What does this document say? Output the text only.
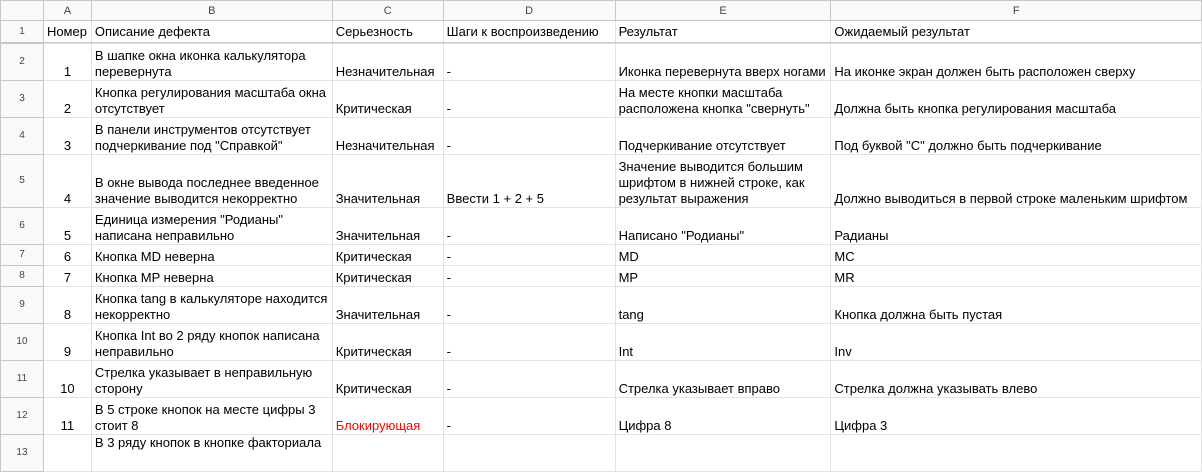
	A	B	C	D	E	F
1	Номер	Описание дефекта	Серьезность	Шаги к воспроизведению	Результат	Ожидаемый результат
2	1	В шапке окна иконка калькулятора перевернута	Незначительная	-	Иконка перевернута вверх ногами	На иконке экран должен быть расположен сверху
3	2	Кнопка регулирования масштаба окна отсутствует	Критическая	-	На месте кнопки масштаба расположена кнопка "свернуть"	Должна быть кнопка регулирования масштаба
4	3	В панели инструментов отсутствует подчеркивание под "Справкой"	Незначительная	-	Подчеркивание отсутствует	Под буквой "С" должно быть подчеркивание
5	4	В окне вывода последнее введенное значение выводится некорректно	Значительная	Ввести 1 + 2 + 5	Значение выводится большим шрифтом в нижней строке, как результат выражения	Должно выводиться в первой строке маленьким шрифтом
6	5	Единица измерения "Родианы" написана неправильно	Значительная	-	Написано "Родианы"	Радианы
7	6	Кнопка MD неверна	Критическая	-	MD	MC
8	7	Кнопка MP неверна	Критическая	-	MP	MR
9	8	Кнопка tang в калькуляторе находится некорректно	Значительная	-	tang	Кнопка должна быть пустая
10	9	Кнопка Int во 2 ряду кнопок написана неправильно	Критическая	-	Int	Inv
11	10	Стрелка указывает в неправильную сторону	Критическая	-	Стрелка указывает вправо	Стрелка должна указывать влево
12	11	В 5 строке кнопок на месте цифры 3 стоит 8	Блокирующая	-	Цифра 8	Цифра 3
13		В 3 ряду кнопок в кнопке факториала				
